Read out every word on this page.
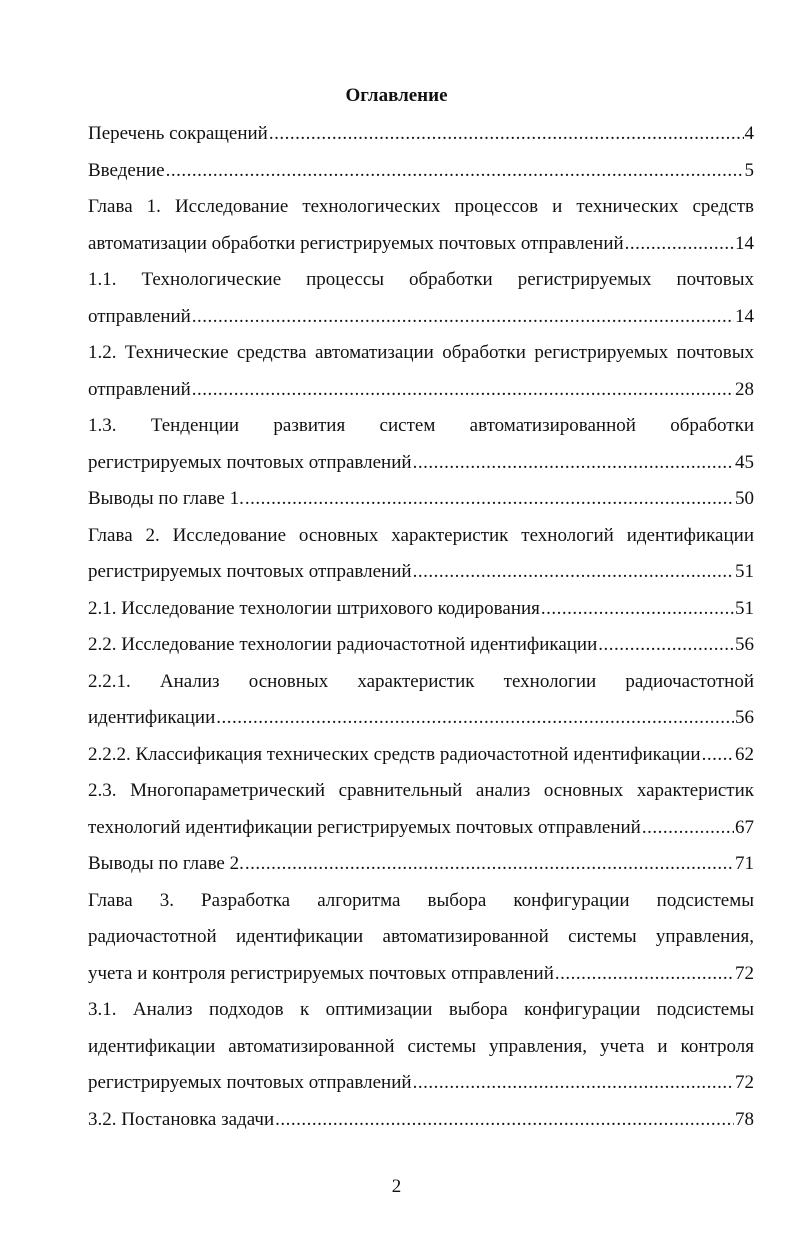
Оглавление
Перечень сокращений .....	4
Введение .....	5
Глава 1. Исследование технологических процессов и технических средств
автоматизации обработки регистрируемых почтовых отправлений .....	14
1.1. Технологические процессы обработки регистрируемых почтовых
отправлений .....	14
1.2. Технические средства автоматизации обработки регистрируемых почтовых
отправлений .....	28
1.3. Тенденции развития систем автоматизированной обработки
регистрируемых почтовых отправлений .....	45
Выводы по главе 1. .....	50
Глава 2. Исследование основных характеристик технологий идентификации
регистрируемых почтовых отправлений .....	51
2.1. Исследование технологии штрихового кодирования .....	51
2.2. Исследование технологии радиочастотной идентификации .....	56
2.2.1. Анализ основных характеристик технологии радиочастотной
идентификации .....	56
2.2.2. Классификация технических средств радиочастотной идентификации ..... 62
2.3. Многопараметрический сравнительный анализ основных характеристик
технологий идентификации регистрируемых почтовых отправлений .....	67
Выводы по главе 2. .....	71
Глава 3. Разработка алгоритма выбора конфигурации подсистемы
радиочастотной идентификации автоматизированной системы управления,
учета и контроля регистрируемых почтовых отправлений .....	72
3.1. Анализ подходов к оптимизации выбора конфигурации подсистемы
идентификации автоматизированной системы управления, учета и контроля
регистрируемых почтовых отправлений .....	72
3.2. Постановка задачи .....	78
2
